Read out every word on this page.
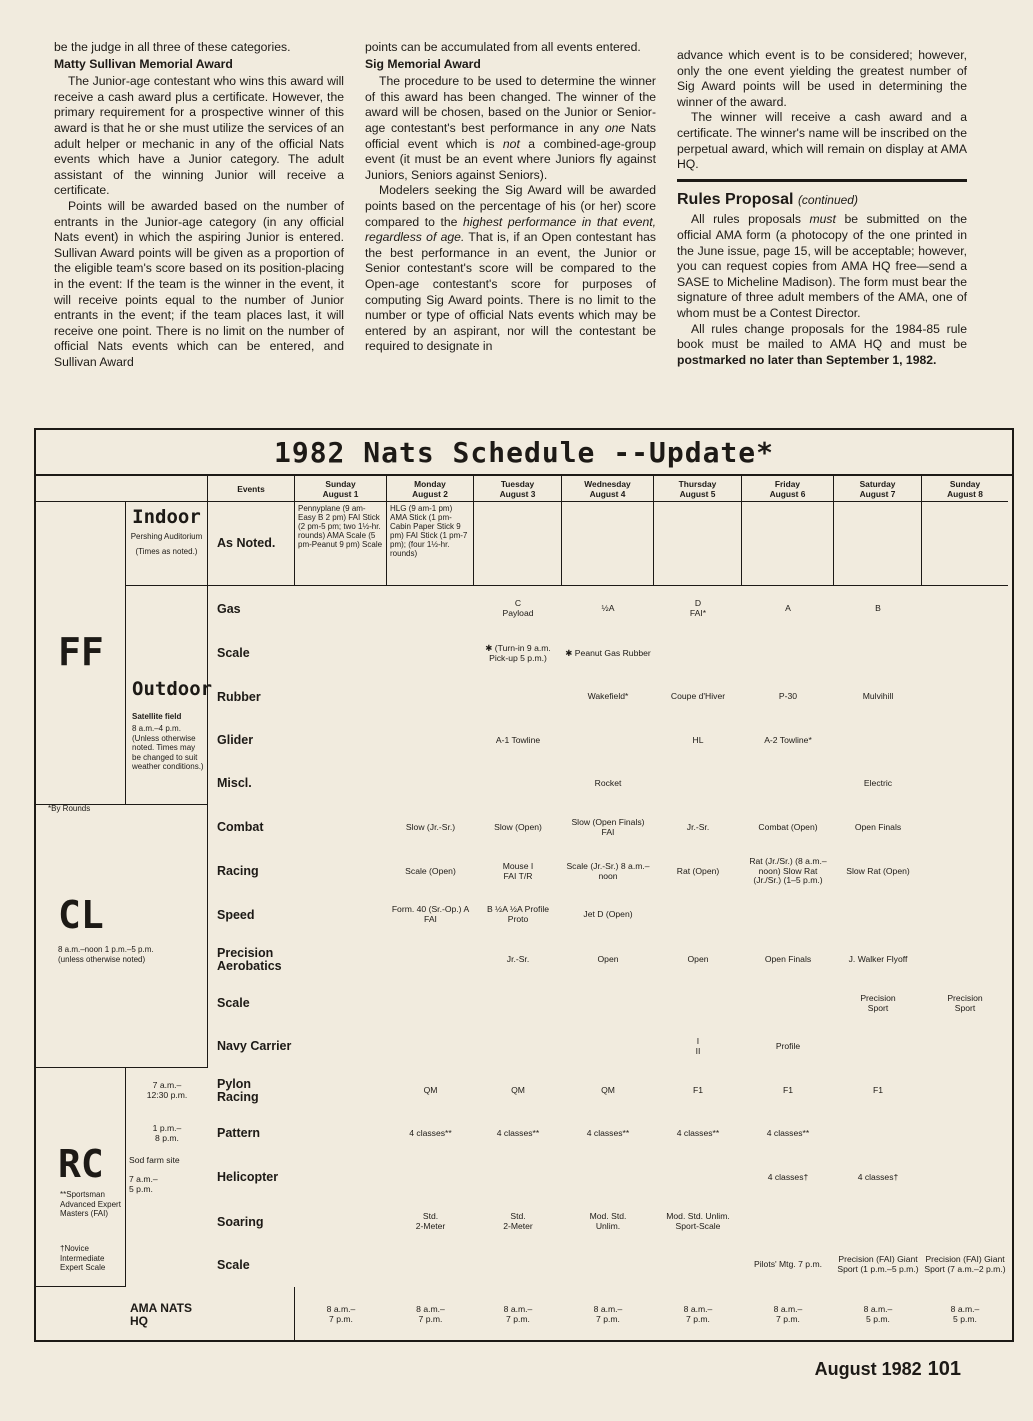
be the judge in all three of these categories.

Matty Sullivan Memorial Award

The Junior-age contestant who wins this award will receive a cash award plus a certificate. However, the primary requirement for a prospective winner of this award is that he or she must utilize the services of an adult helper or mechanic in any of the official Nats events which have a Junior category. The adult assistant of the winning Junior will receive a certificate.

Points will be awarded based on the number of entrants in the Junior-age category (in any official Nats event) in which the aspiring Junior is entered. Sullivan Award points will be given as a proportion of the eligible team's score based on its position-placing in the event: If the team is the winner in the event, it will receive points equal to the number of Junior entrants in the event; if the team places last, it will receive one point. There is no limit on the number of official Nats events which can be entered, and Sullivan Award

points can be accumulated from all events entered.

Sig Memorial Award

The procedure to be used to determine the winner of this award has been changed. The winner of the award will be chosen, based on the Junior or Senior-age contestant's best performance in any one Nats official event which is not a combined-age-group event (it must be an event where Juniors fly against Juniors, Seniors against Seniors).

Modelers seeking the Sig Award will be awarded points based on the percentage of his (or her) score compared to the highest performance in that event, regardless of age. That is, if an Open contestant has the best performance in an event, the Junior or Senior contestant's score will be compared to the Open-age contestant's score for purposes of computing Sig Award points. There is no limit to the number or type of official Nats events which may be entered by an aspirant, nor will the contestant be required to designate in

advance which event is to be considered; however, only the one event yielding the greatest number of Sig Award points will be used in determining the winner of the award.

The winner will receive a cash award and a certificate. The winner's name will be inscribed on the perpetual award, which will remain on display at AMA HQ.

Rules Proposal (continued)

All rules proposals must be submitted on the official AMA form (a photocopy of the one printed in the June issue, page 15, will be acceptable; however, you can request copies from AMA HQ free—send a SASE to Micheline Madison). The form must bear the signature of three adult members of the AMA, one of whom must be a Contest Director.

All rules change proposals for the 1984-85 rule book must be mailed to AMA HQ and must be postmarked no later than September 1, 1982.

1982 Nats Schedule --Update*
Events	Sunday
August 1
Monday
August 2
Tuesday
August 3
Wednesday
August 4
Thursday
August 5
Friday
August 6
Saturday
August 7
Sunday
August 8
FF
*By Rounds
Indoor
Pershing Auditorium
(Times as noted.)
As Noted.
Pennyplane (9 am-Easy B 2 pm) FAI Stick (2 pm-5 pm; two 1½-hr. rounds) AMA Scale (5 pm-Peanut 9 pm) Scale
HLG (9 am-1 pm) AMA Stick (1 pm-Cabin Paper Stick 9 pm) FAI Stick (1 pm-7 pm); (four 1½-hr. rounds)
Outdoor
Satellite field
8 a.m.–4 p.m. (Unless otherwise noted. Times may be changed to suit weather conditions.)
CL
8 a.m.–noon 1 p.m.–5 p.m. (unless otherwise noted)
RC
**Sportsman Advanced Expert Masters (FAI)
†Novice Intermediate Expert Scale
AMA NATS HQ
August 1982 101
